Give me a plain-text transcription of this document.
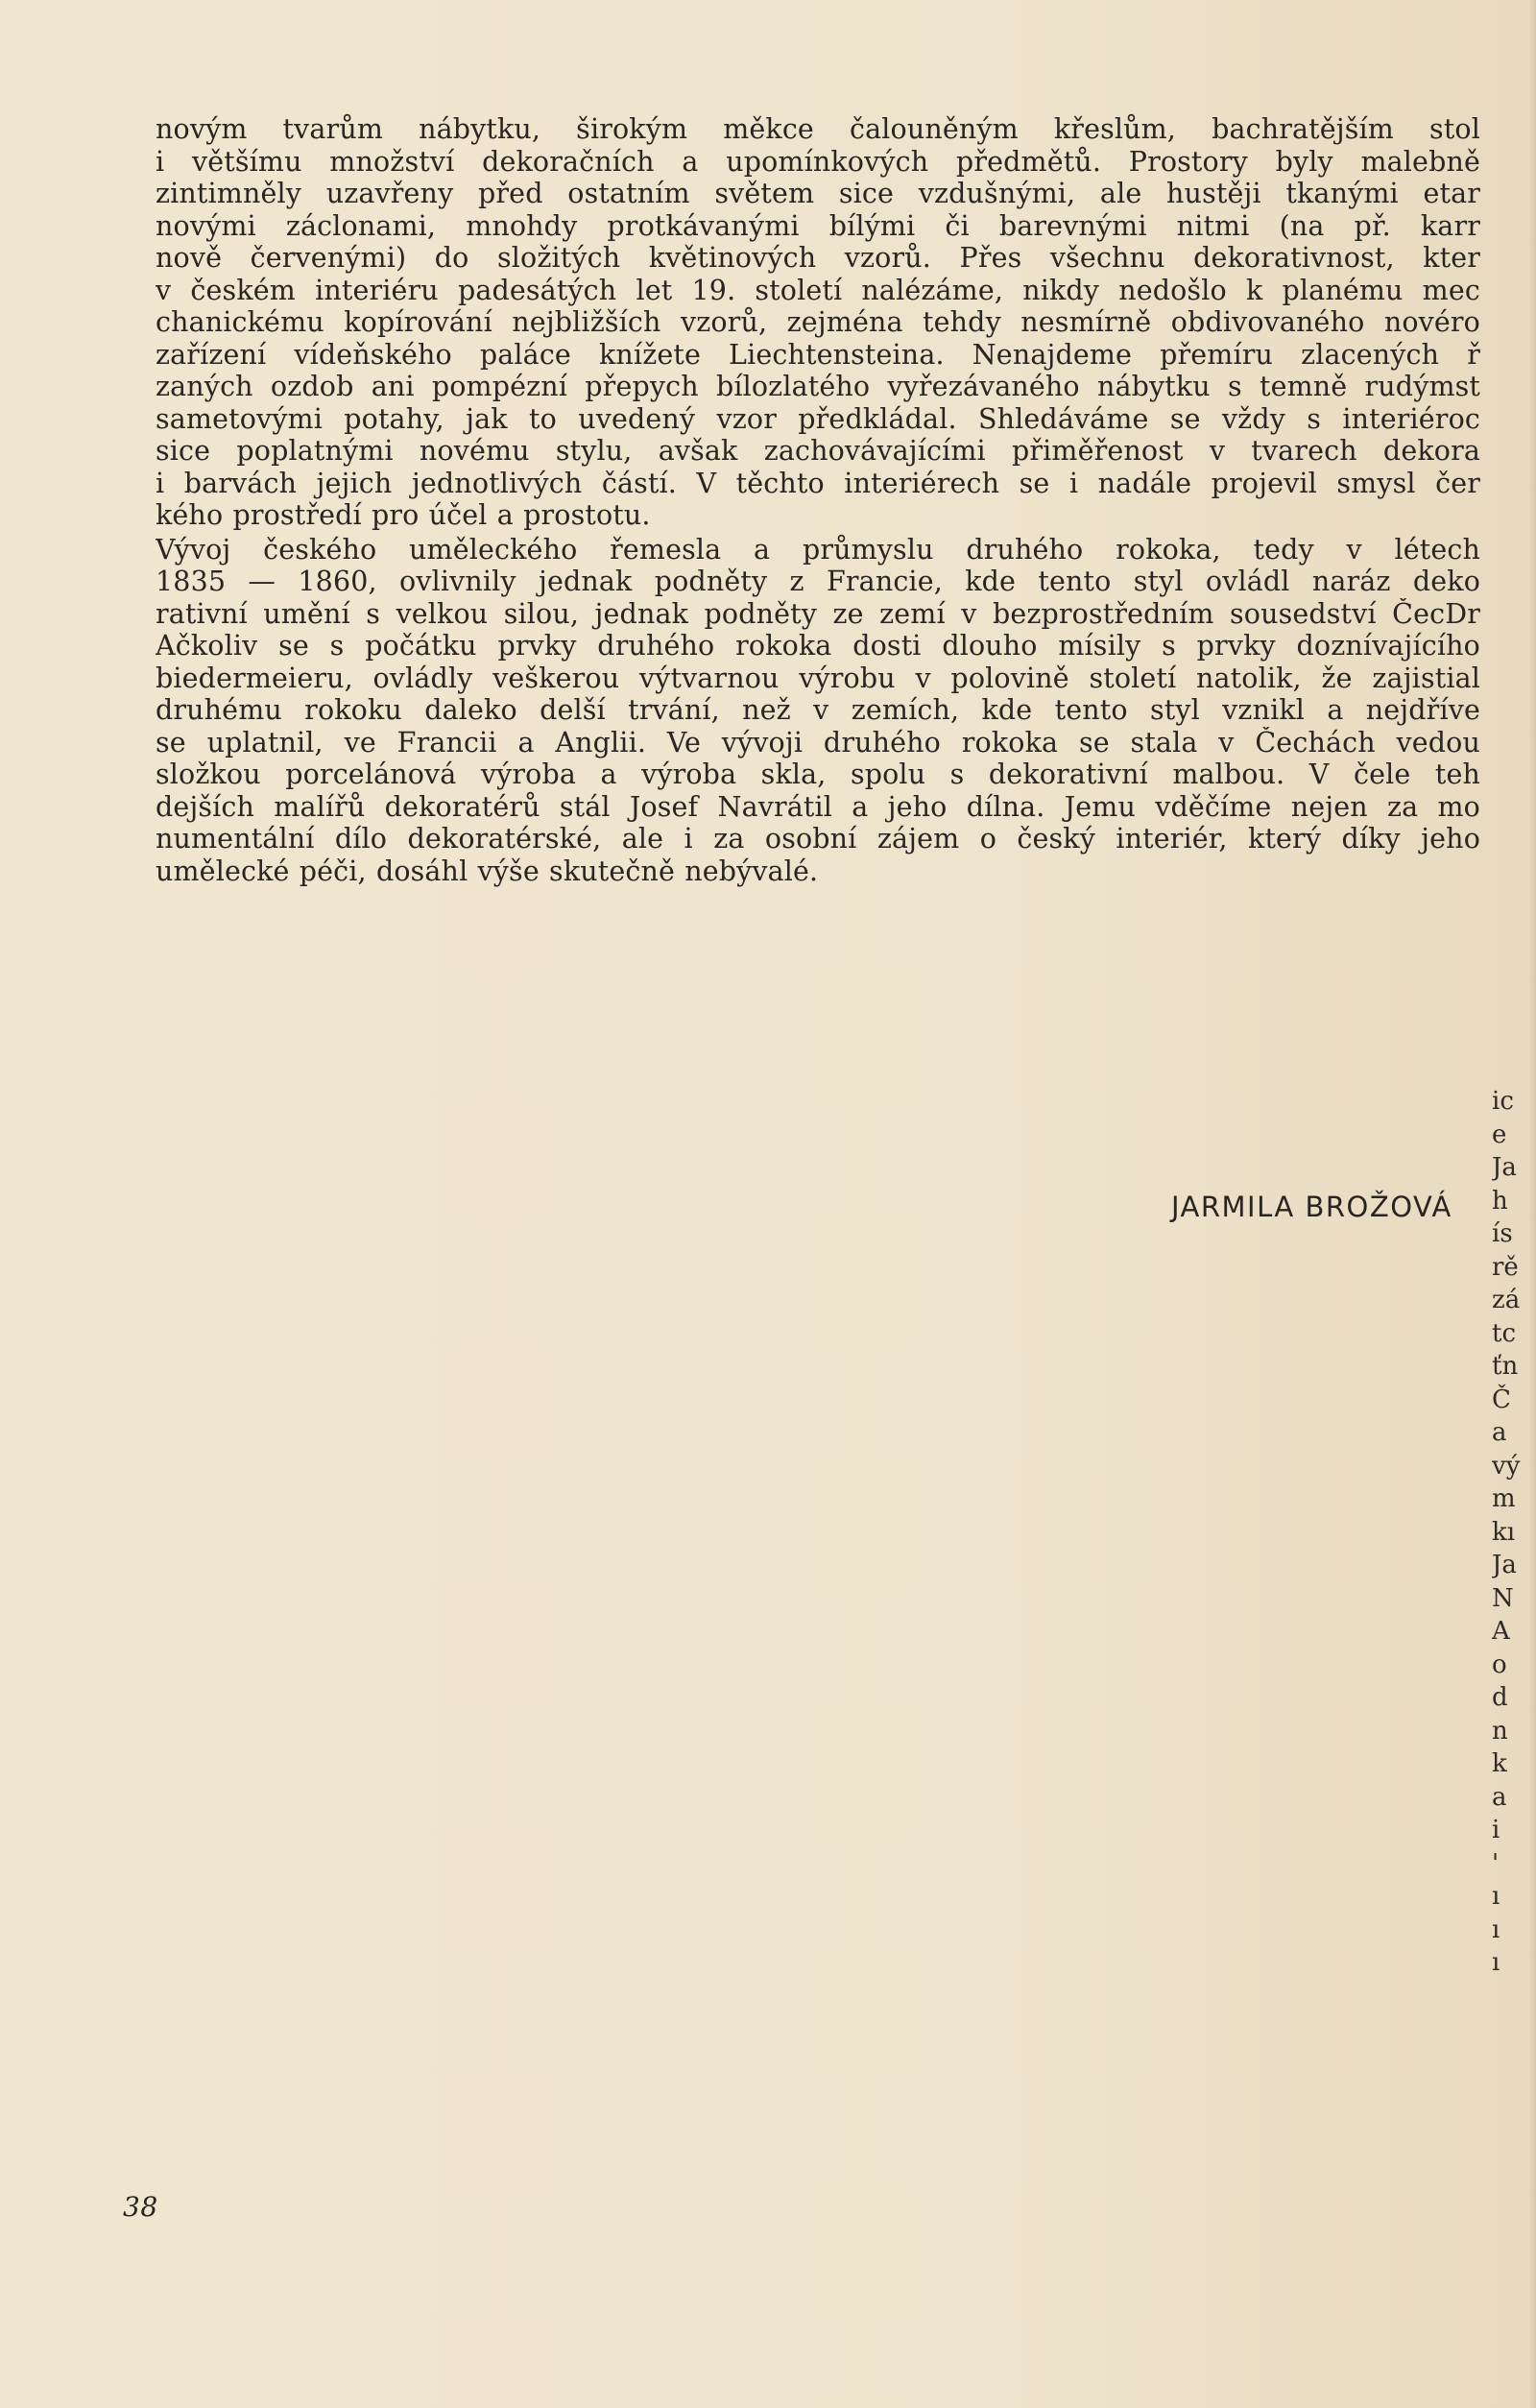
novým tvarům nábytku, širokým měkce čalouněným křeslům, bachratějším stol
i většímu množství dekoračních a upomínkových předmětů. Prostory byly malebně
zintimněly uzavřeny před ostatním světem sice vzdušnými, ale hustěji tkanými etar
novými záclonami, mnohdy protkávanými bílými či barevnými nitmi (na př. karr
nově červenými) do složitých květinových vzorů. Přes všechnu dekorativnost, kter
v českém interiéru padesátých let 19. století nalézáme, nikdy nedošlo k planému mec
chanickému kopírování nejbližších vzorů, zejména tehdy nesmírně obdivovaného novéro
zařízení vídeňského paláce knížete Liechtensteina. Nenajdeme přemíru zlacených ř
zaných ozdob ani pompézní přepych bílozlatého vyřezávaného nábytku s temně rudýmst
sametovými potahy, jak to uvedený vzor předkládal. Shledáváme se vždy s interiéroc
sice poplatnými novému stylu, avšak zachovávajícími přiměřenost v tvarech dekora
i barvách jejich jednotlivých částí. V těchto interiérech se i nadále projevil smysl čer
kého prostředí pro účel a prostotu.
Vývoj českého uměleckého řemesla a průmyslu druhého rokoka, tedy v létech
1835 — 1860, ovlivnily jednak podněty z Francie, kde tento styl ovládl naráz deko
rativní umění s velkou silou, jednak podněty ze zemí v bezprostředním sousedství ČecDr
Ačkoliv se s počátku prvky druhého rokoka dosti dlouho mísily s prvky doznívajícího
biedermeieru, ovládly veškerou výtvarnou výrobu v polovině století natolik, že zajistial
druhému rokoku daleko delší trvání, než v zemích, kde tento styl vznikl a nejdříve
se uplatnil, ve Francii a Anglii. Ve vývoji druhého rokoka se stala v Čechách vedou
složkou porcelánová výroba a výroba skla, spolu s dekorativní malbou. V čele teh
dejších malířů dekoratérů stál Josef Navrátil a jeho dílna. Jemu vděčíme nejen za mo
numentální dílo dekoratérské, ale i za osobní zájem o český interiér, který díky jeho
umělecké péči, dosáhl výše skutečně nebývalé.
JARMILA BROŽOVÁ
ic
e
Ja
h
ís
rě
zá
tc
ťn
Č
a
vý
m
kı
Ja
N
A
o
d
n
k
a
i
'
ı
ı
ı
38
